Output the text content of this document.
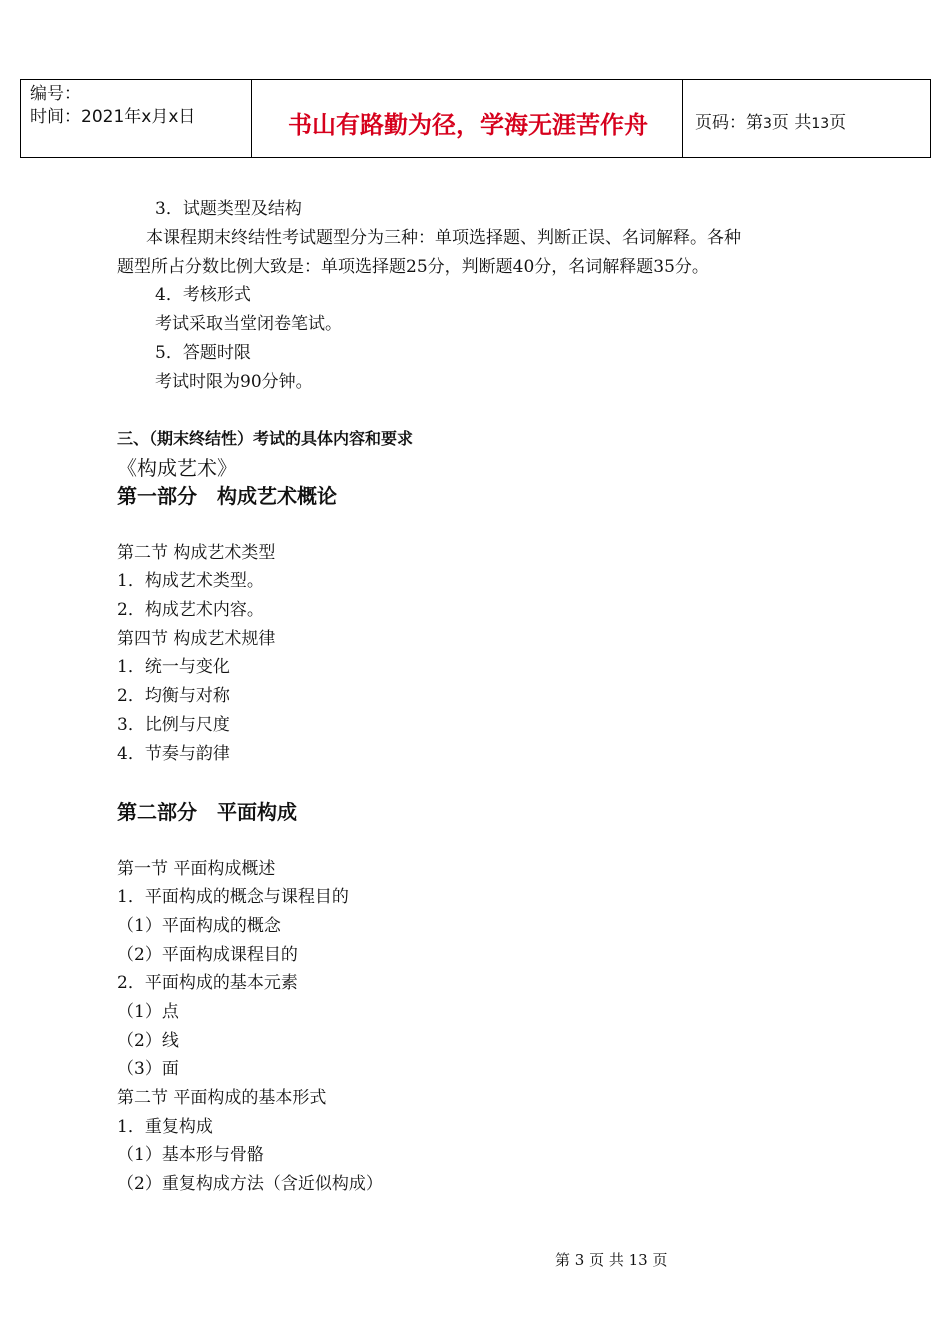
编号：
时间：2021年x月x日	书山有路勤为径，学海无涯苦作舟	页码：第3页 共13页
3．试题类型及结构
本课程期末终结性考试题型分为三种：单项选择题、判断正误、名词解释。各种
题型所占分数比例大致是：单项选择题25分，判断题40分，名词解释题35分。
4．考核形式
考试采取当堂闭卷笔试。
5．答题时限
考试时限为90分钟。
三、（期末终结性）考试的具体内容和要求
《构成艺术》
第一部分　构成艺术概论
第二节 构成艺术类型
1．构成艺术类型。
2．构成艺术内容。
第四节 构成艺术规律
1．统一与变化
2．均衡与对称
3．比例与尺度
4．节奏与韵律
第二部分　平面构成
第一节 平面构成概述
1．平面构成的概念与课程目的
（1）平面构成的概念
（2）平面构成课程目的
2．平面构成的基本元素
（1）点
（2）线
（3）面
第二节 平面构成的基本形式
1．重复构成
（1）基本形与骨骼
（2）重复构成方法（含近似构成）
第 3 页 共 13 页
